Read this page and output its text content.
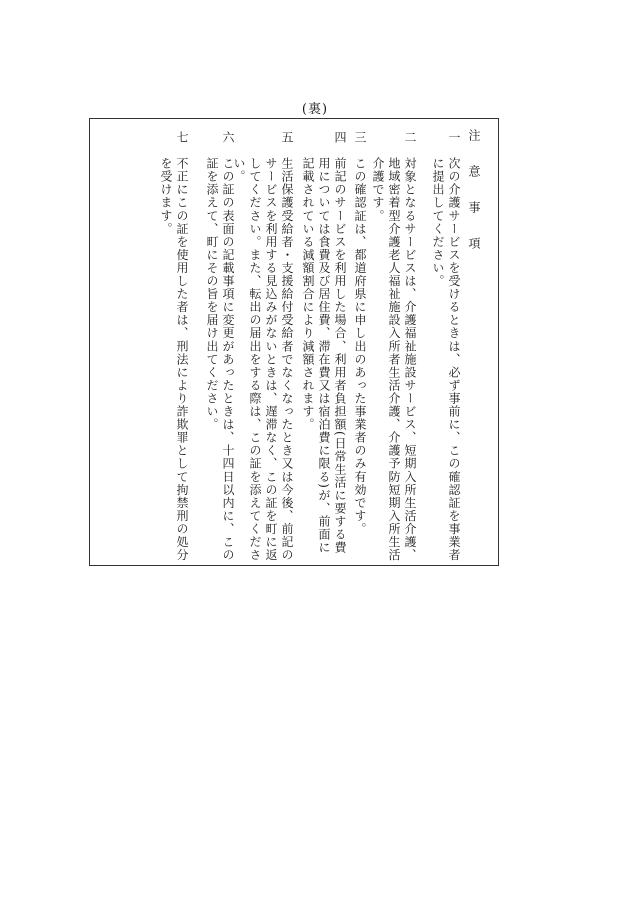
(裏)
注　意　事　項
一
次の介護サービスを受けるときは、必ず事前に、この確認証を事業者に提出してください。
二
対象となるサービスは、介護福祉施設サービス、短期入所生活介護、地域密着型介護老人福祉施設入所者生活介護、介護予防短期入所生活介護です。
三
この確認証は、都道府県に申し出のあった事業者のみ有効です。
四
前記のサービスを利用した場合、利用者負担額(日常生活に要する費用については食費及び居住費、滞在費又は宿泊費に限る)が、前面に記載されている減額割合により減額されます。
五
生活保護受給者・支援給付受給者でなくなったとき又は今後、前記のサービスを利用する見込みがないときは、遅滞なく、この証を町に返してください。また、転出の届出をする際は、この証を添えてください。
六
この証の表面の記載事項に変更があったときは、十四日以内に、この証を添えて、町にその旨を届け出てください。
七
不正にこの証を使用した者は、刑法により詐欺罪として拘禁刑の処分を受けます。
